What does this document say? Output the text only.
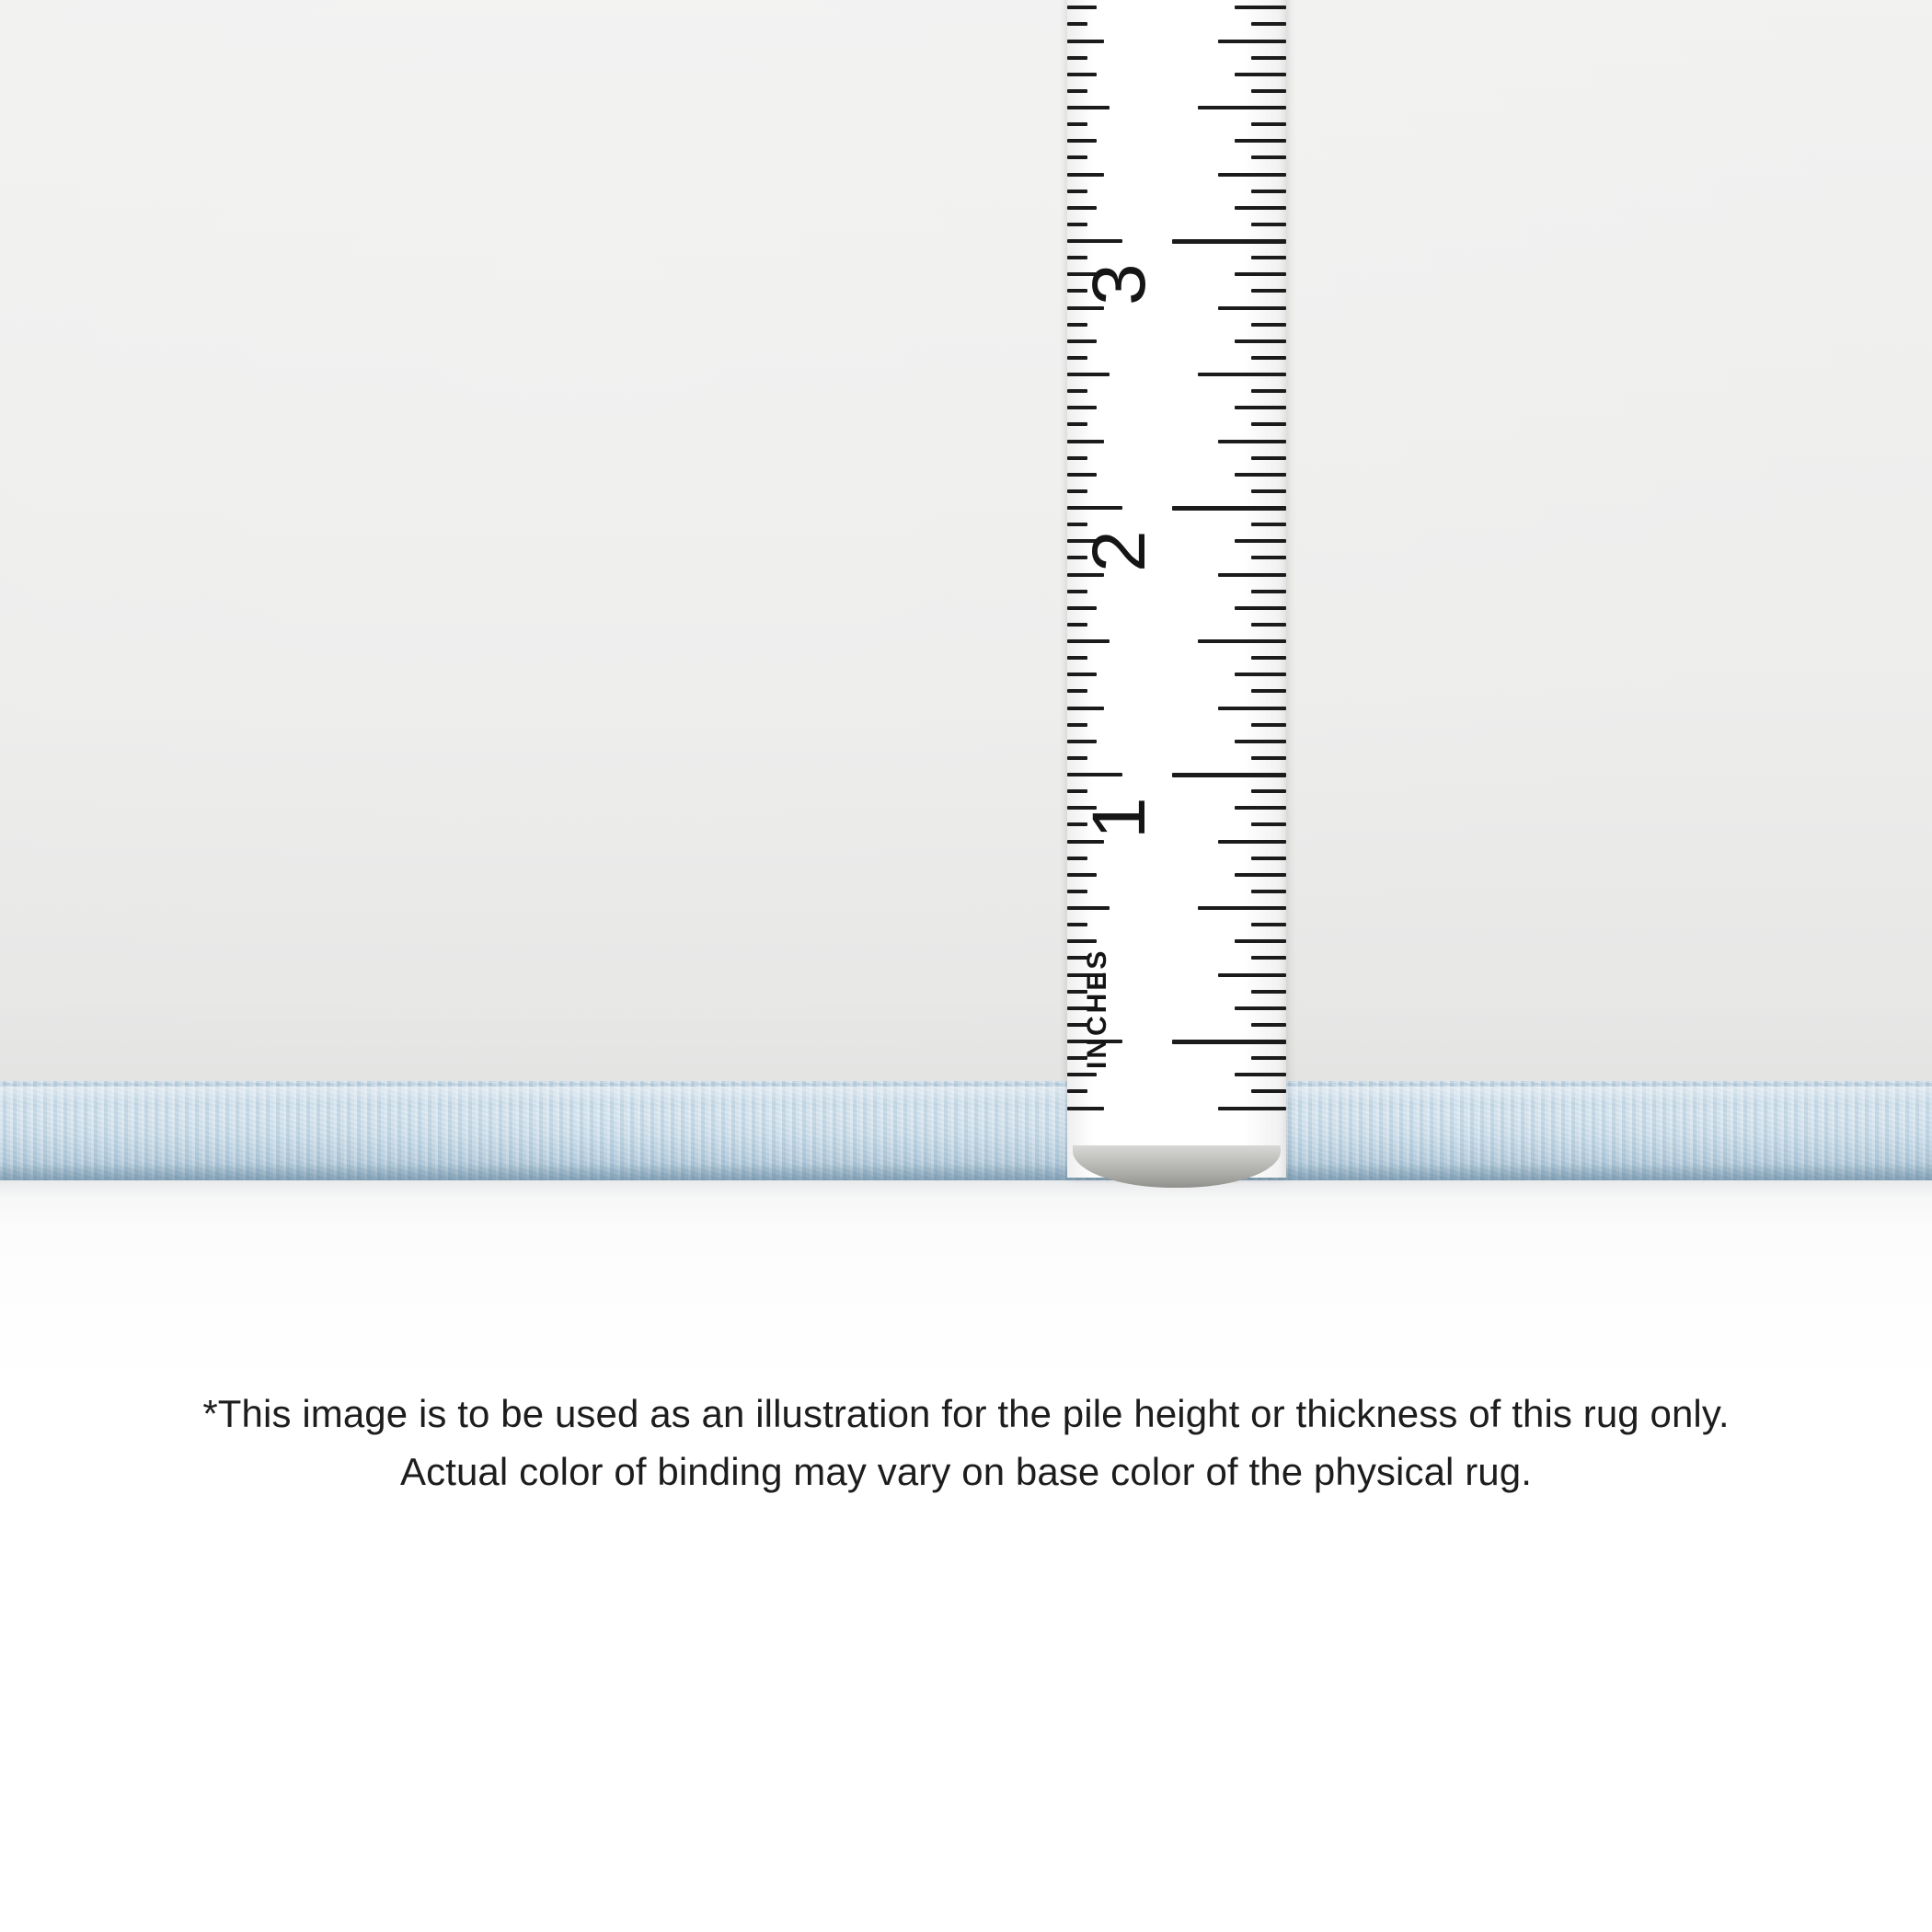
1
2
3
INCHES
*This image is to be used as an illustration for the pile height or thickness of this rug only.
Actual color of binding may vary on base color of the physical rug.
